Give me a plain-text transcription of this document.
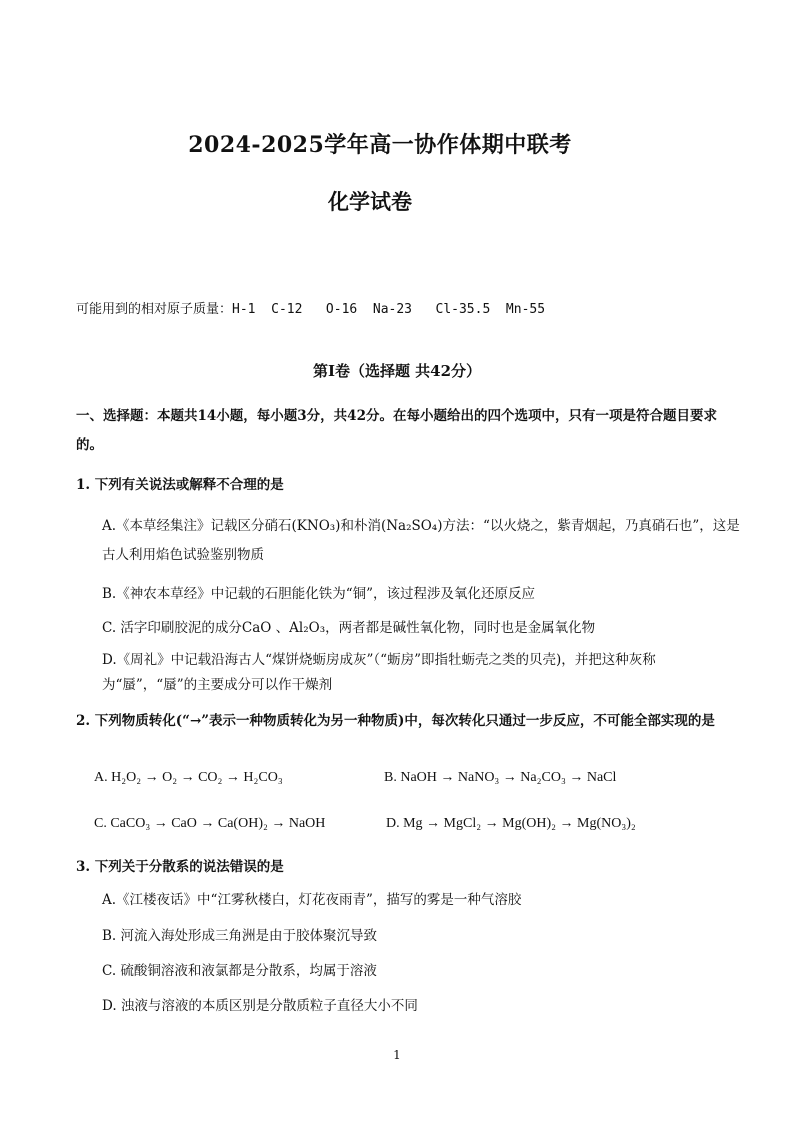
2024-2025学年高一协作体期中联考
化学试卷
可能用到的相对原子质量：H-1  C-12   O-16  Na-23   Cl-35.5  Mn-55
第Ⅰ卷（选择题 共42分）
一、选择题：本题共14小题，每小题3分，共42分。在每小题给出的四个选项中，只有一项是符合题目要求的。
1. 下列有关说法或解释不合理的是
A.《本草经集注》记载区分硝石(KNO₃)和朴消(Na₂SO₄)方法：“以火烧之，紫青烟起，乃真硝石也”，这是古人利用焰色试验鉴别物质
B.《神农本草经》中记载的石胆能化铁为“铜”，该过程涉及氧化还原反应
C. 活字印刷胶泥的成分CaO 、Al₂O₃，两者都是碱性氧化物，同时也是金属氧化物
D.《周礼》中记载沿海古人“煤饼烧蛎房成灰”（“蛎房”即指牡蛎壳之类的贝壳)，并把这种灰称为“蜃”，“蜃”的主要成分可以作干燥剂
2. 下列物质转化(“→”表示一种物质转化为另一种物质)中，每次转化只通过一步反应，不可能全部实现的是
A. H₂O₂ → O₂ → CO₂ → H₂CO₃	B. NaOH → NaNO₃ → Na₂CO₃ → NaCl
C. CaCO₃ → CaO → Ca(OH)₂ → NaOH	D. Mg → MgCl₂ → Mg(OH)₂ → Mg(NO₃)₂
3. 下列关于分散系的说法错误的是
A.《江楼夜话》中“江雾秋楼白，灯花夜雨青”，描写的雾是一种气溶胶
B. 河流入海处形成三角洲是由于胶体聚沉导致
C. 硫酸铜溶液和液氯都是分散系，均属于溶液
D. 浊液与溶液的本质区别是分散质粒子直径大小不同
1
